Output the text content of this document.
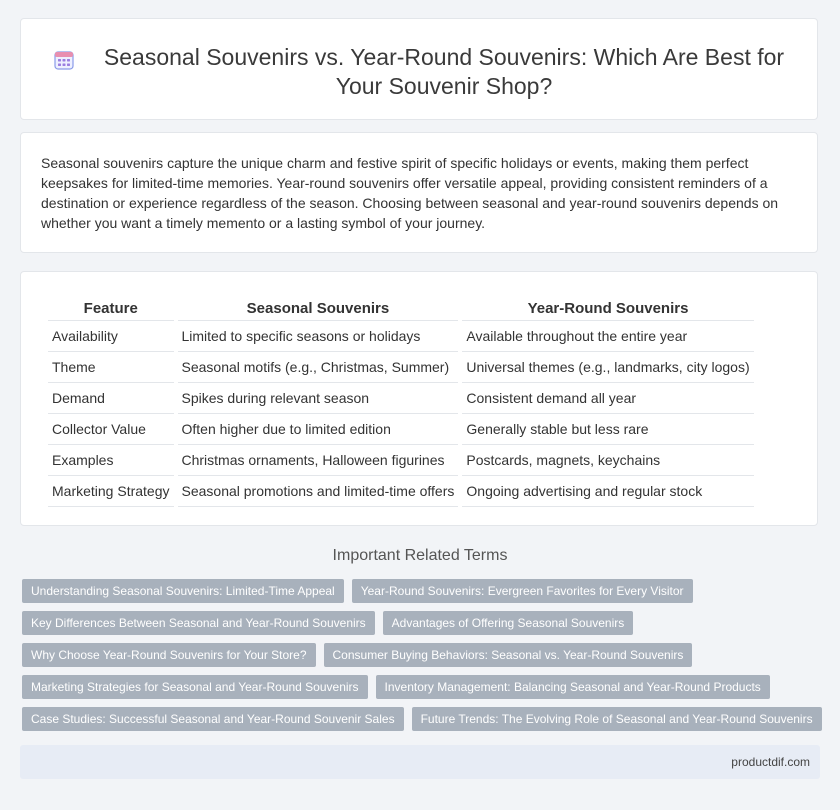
Seasonal Souvenirs vs. Year-Round Souvenirs: Which Are Best for Your Souvenir Shop?

Seasonal souvenirs capture the unique charm and festive spirit of specific holidays or events, making them perfect keepsakes for limited-time memories. Year-round souvenirs offer versatile appeal, providing consistent reminders of a destination or experience regardless of the season. Choosing between seasonal and year-round souvenirs depends on whether you want a timely memento or a lasting symbol of your journey.

Feature	Seasonal Souvenirs	Year-Round Souvenirs
Availability	Limited to specific seasons or holidays	Available throughout the entire year
Theme	Seasonal motifs (e.g., Christmas, Summer)	Universal themes (e.g., landmarks, city logos)
Demand	Spikes during relevant season	Consistent demand all year
Collector Value	Often higher due to limited edition	Generally stable but less rare
Examples	Christmas ornaments, Halloween figurines	Postcards, magnets, keychains
Marketing Strategy	Seasonal promotions and limited-time offers	Ongoing advertising and regular stock
Important Related Terms
Understanding Seasonal Souvenirs: Limited-Time Appeal	Year-Round Souvenirs: Evergreen Favorites for Every Visitor
Key Differences Between Seasonal and Year-Round Souvenirs	Advantages of Offering Seasonal Souvenirs
Why Choose Year-Round Souvenirs for Your Store?	Consumer Buying Behaviors: Seasonal vs. Year-Round Souvenirs
Marketing Strategies for Seasonal and Year-Round Souvenirs	Inventory Management: Balancing Seasonal and Year-Round Products
Case Studies: Successful Seasonal and Year-Round Souvenir Sales	Future Trends: The Evolving Role of Seasonal and Year-Round Souvenirs
productdif.com
